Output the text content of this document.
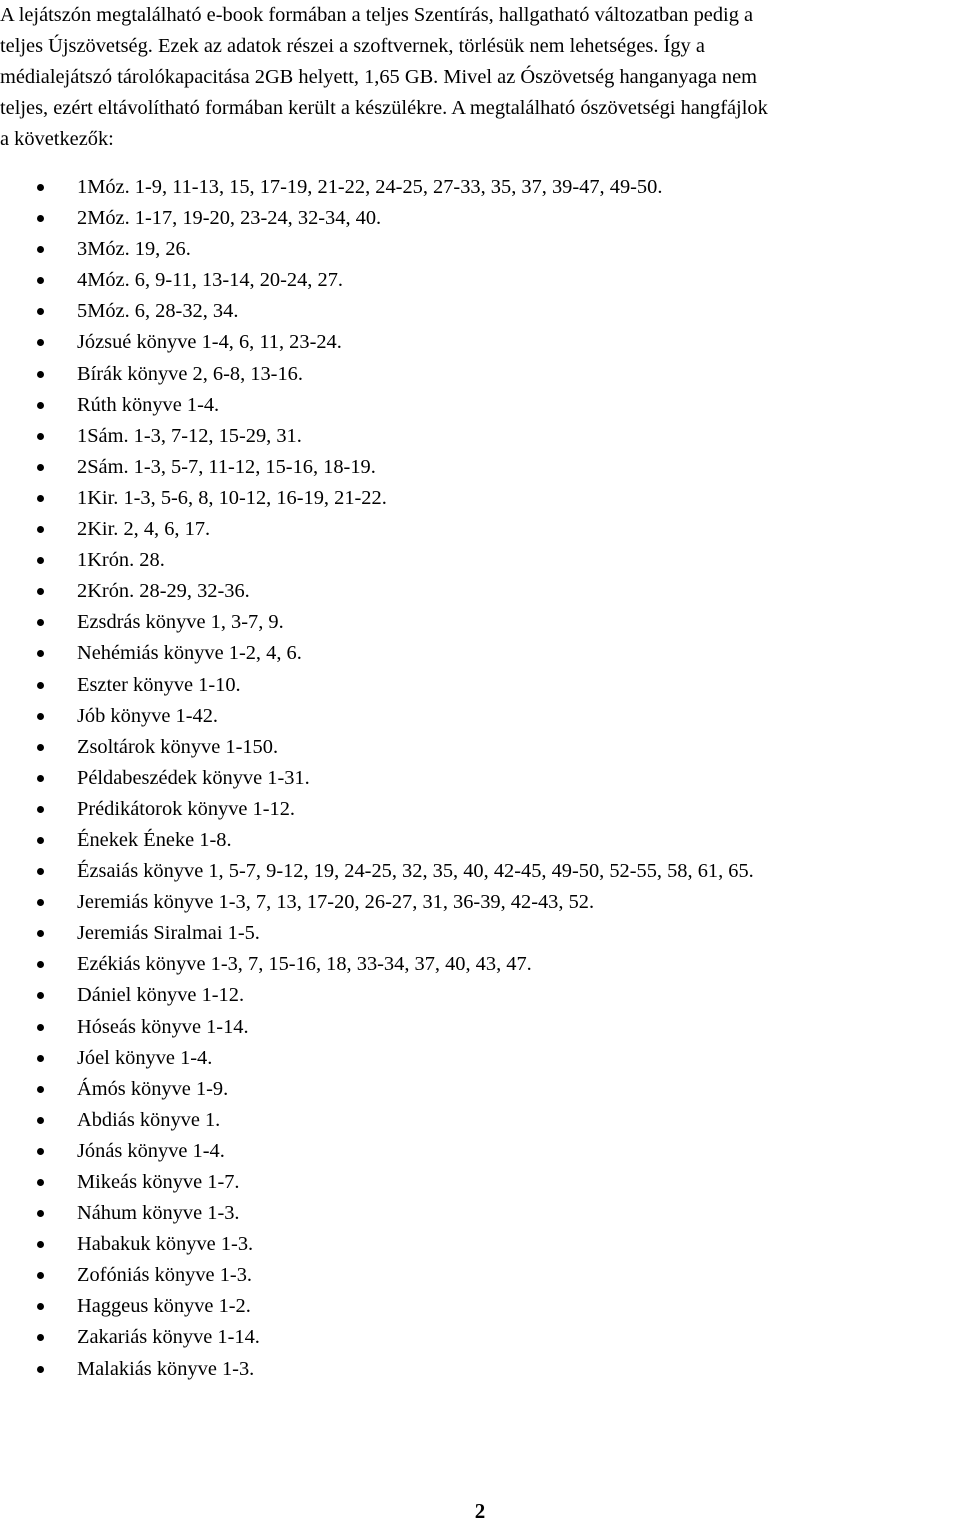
A lejátszón megtalálható e-book formában a teljes Szentírás, hallgatható változatban pedig a
teljes Újszövetség. Ezek az adatok részei a szoftvernek, törlésük nem lehetséges. Így a
médialejátszó tárolókapacitása 2GB helyett, 1,65 GB. Mivel az Ószövetség hanganyaga nem
teljes, ezért eltávolítható formában került a készülékre. A megtalálható ószövetségi hangfájlok
a következők:
1Móz. 1-9, 11-13, 15, 17-19, 21-22, 24-25, 27-33, 35, 37, 39-47, 49-50.
2Móz. 1-17, 19-20, 23-24, 32-34, 40.
3Móz. 19, 26.
4Móz. 6, 9-11, 13-14, 20-24, 27.
5Móz. 6, 28-32, 34.
Józsué könyve 1-4, 6, 11, 23-24.
Bírák könyve 2, 6-8, 13-16.
Rúth könyve 1-4.
1Sám. 1-3, 7-12, 15-29, 31.
2Sám. 1-3, 5-7, 11-12, 15-16, 18-19.
1Kir. 1-3, 5-6, 8, 10-12, 16-19, 21-22.
2Kir. 2, 4, 6, 17.
1Krón. 28.
2Krón. 28-29, 32-36.
Ezsdrás könyve 1, 3-7, 9.
Nehémiás könyve 1-2, 4, 6.
Eszter könyve 1-10.
Jób könyve 1-42.
Zsoltárok könyve 1-150.
Példabeszédek könyve 1-31.
Prédikátorok könyve 1-12.
Énekek Éneke 1-8.
Ézsaiás könyve 1, 5-7, 9-12, 19, 24-25, 32, 35, 40, 42-45, 49-50, 52-55, 58, 61, 65.
Jeremiás könyve 1-3, 7, 13, 17-20, 26-27, 31, 36-39, 42-43, 52.
Jeremiás Siralmai 1-5.
Ezékiás könyve 1-3, 7, 15-16, 18, 33-34, 37, 40, 43, 47.
Dániel könyve 1-12.
Hóseás könyve 1-14.
Jóel könyve 1-4.
Ámós könyve 1-9.
Abdiás könyve 1.
Jónás könyve 1-4.
Mikeás könyve 1-7.
Náhum könyve 1-3.
Habakuk könyve 1-3.
Zofóniás könyve 1-3.
Haggeus könyve 1-2.
Zakariás könyve 1-14.
Malakiás könyve 1-3.
2
